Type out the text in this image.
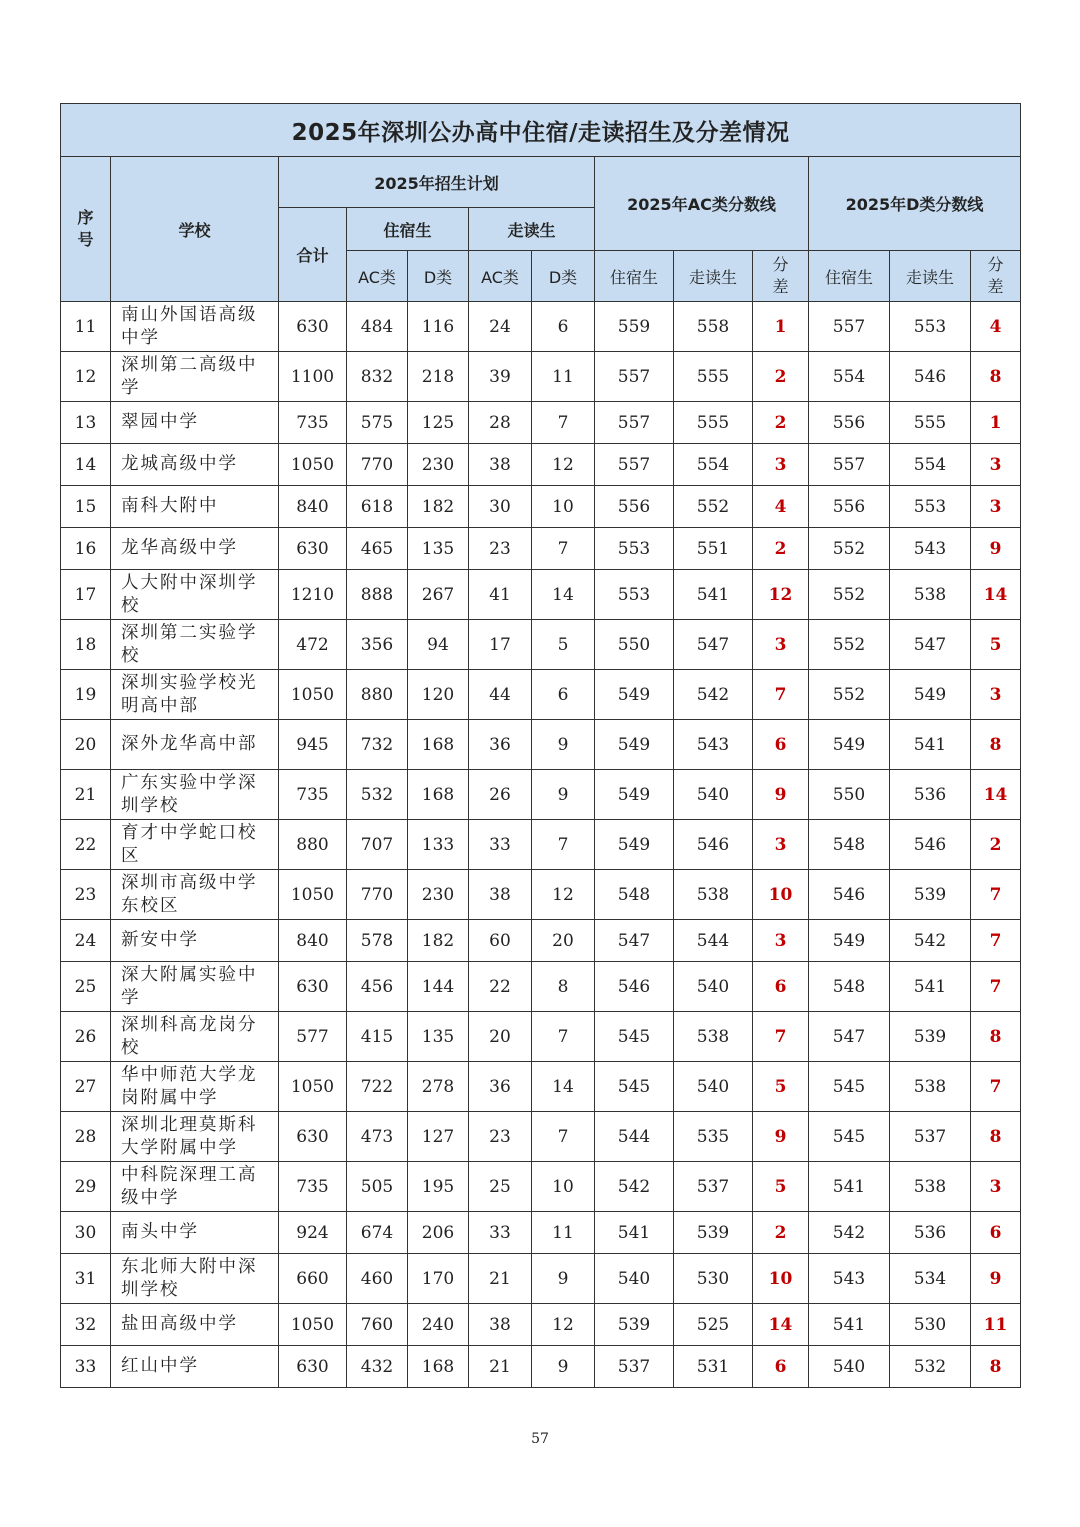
2025年深圳公办高中住宿/走读招生及分差情况												
序号	学校	2025年招生计划					2025年AC类分数线			2025年D类分数线		
		合计	住宿生		走读生							
			AC类	D类	AC类	D类	住宿生	走读生	分差	住宿生	走读生	分差
11	南山外国语高级中学	630	484	116	24	6	559	558	1	557	553	4
12	深圳第二高级中学	1100	832	218	39	11	557	555	2	554	546	8
13	翠园中学	735	575	125	28	7	557	555	2	556	555	1
14	龙城高级中学	1050	770	230	38	12	557	554	3	557	554	3
15	南科大附中	840	618	182	30	10	556	552	4	556	553	3
16	龙华高级中学	630	465	135	23	7	553	551	2	552	543	9
17	人大附中深圳学校	1210	888	267	41	14	553	541	12	552	538	14
18	深圳第二实验学校	472	356	94	17	5	550	547	3	552	547	5
19	深圳实验学校光明高中部	1050	880	120	44	6	549	542	7	552	549	3
20	深外龙华高中部	945	732	168	36	9	549	543	6	549	541	8
21	广东实验中学深圳学校	735	532	168	26	9	549	540	9	550	536	14
22	育才中学蛇口校区	880	707	133	33	7	549	546	3	548	546	2
23	深圳市高级中学东校区	1050	770	230	38	12	548	538	10	546	539	7
24	新安中学	840	578	182	60	20	547	544	3	549	542	7
25	深大附属实验中学	630	456	144	22	8	546	540	6	548	541	7
26	深圳科高龙岗分校	577	415	135	20	7	545	538	7	547	539	8
27	华中师范大学龙岗附属中学	1050	722	278	36	14	545	540	5	545	538	7
28	深圳北理莫斯科大学附属中学	630	473	127	23	7	544	535	9	545	537	8
29	中科院深理工高级中学	735	505	195	25	10	542	537	5	541	538	3
30	南头中学	924	674	206	33	11	541	539	2	542	536	6
31	东北师大附中深圳学校	660	460	170	21	9	540	530	10	543	534	9
32	盐田高级中学	1050	760	240	38	12	539	525	14	541	530	11
33	红山中学	630	432	168	21	9	537	531	6	540	532	8
57
